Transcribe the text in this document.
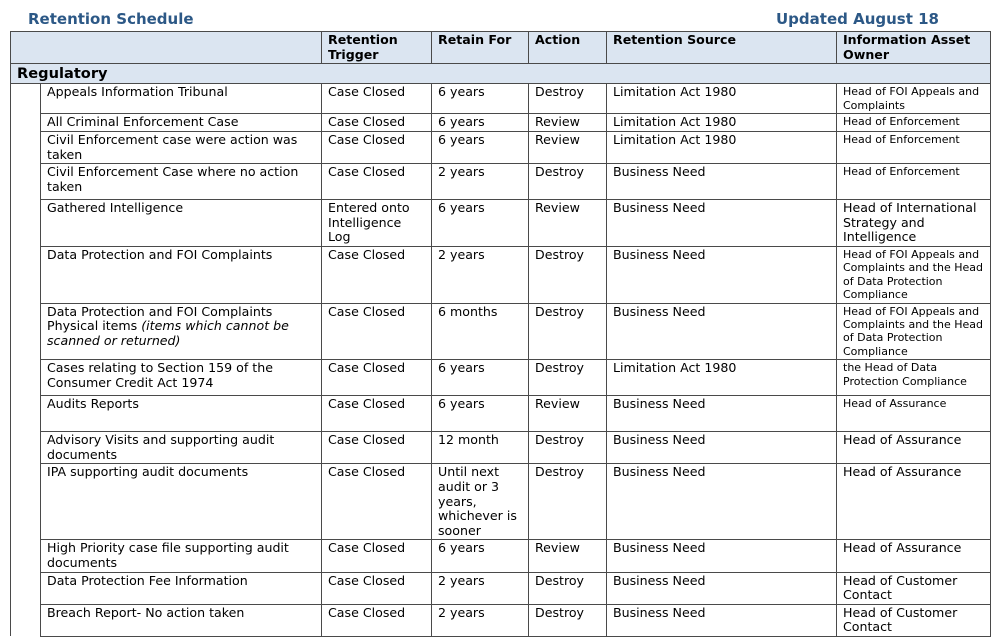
Retention Schedule	Updated August 18
		Retention Trigger	Retain For	Action	Retention Source	Information Asset Owner
Regulatory						
	Appeals Information Tribunal	Case Closed	6 years	Destroy	Limitation Act 1980	Head of FOI Appeals and Complaints
	All Criminal Enforcement Case	Case Closed	6 years	Review	Limitation Act 1980	Head of Enforcement
	Civil Enforcement case were action was taken	Case Closed	6 years	Review	Limitation Act 1980	Head of Enforcement
	Civil Enforcement Case where no action taken	Case Closed	2 years	Destroy	Business Need	Head of Enforcement
	Gathered Intelligence	Entered onto Intelligence Log	6 years	Review	Business Need	Head of International Strategy and Intelligence
	Data Protection and FOI Complaints	Case Closed	2 years	Destroy	Business Need	Head of FOI Appeals and Complaints and the Head of Data Protection Compliance
	Data Protection and FOI Complaints Physical items (items which cannot be scanned or returned)	Case Closed	6 months	Destroy	Business Need	Head of FOI Appeals and Complaints and the Head of Data Protection Compliance
	Cases relating to Section 159 of the Consumer Credit Act 1974	Case Closed	6 years	Destroy	Limitation Act 1980	the Head of Data Protection Compliance
	Audits Reports	Case Closed	6 years	Review	Business Need	Head of Assurance
	Advisory Visits and supporting audit documents	Case Closed	12 month	Destroy	Business Need	Head of Assurance
	IPA supporting audit documents	Case Closed	Until next audit or 3 years, whichever is sooner	Destroy	Business Need	Head of Assurance
	High Priority case file supporting audit documents	Case Closed	6 years	Review	Business Need	Head of Assurance
	Data Protection Fee Information	Case Closed	2 years	Destroy	Business Need	Head of Customer Contact
	Breach Report- No action taken	Case Closed	2 years	Destroy	Business Need	Head of Customer Contact
